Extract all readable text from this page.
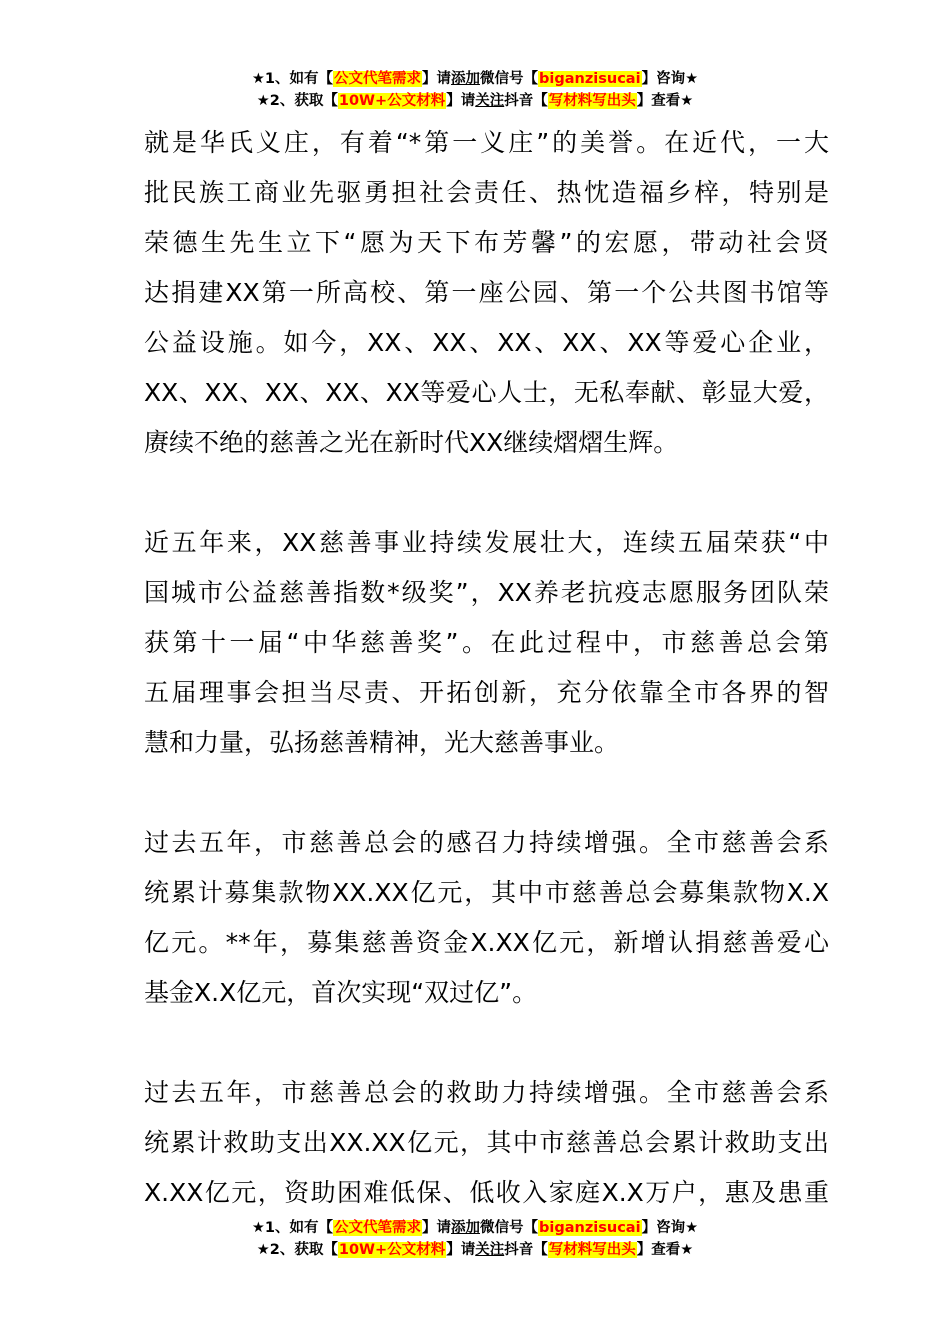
★1、如有【公文代笔需求】请添加微信号【biganzisucai】咨询★
★2、获取【10W+公文材料】请关注抖音【写材料写出头】查看★
就是华氏义庄，有着“*第一义庄”的美誉。在近代，一大
批民族工商业先驱勇担社会责任、热忱造福乡梓，特别是
荣德生先生立下“愿为天下布芳馨”的宏愿，带动社会贤
达捐建XX第一所高校、第一座公园、第一个公共图书馆等
公益设施。如今，XX、XX、XX、XX、XX等爱心企业，
XX、XX、XX、XX、XX等爱心人士，无私奉献、彰显大爱，
赓续不绝的慈善之光在新时代XX继续熠熠生辉。
近五年来，XX慈善事业持续发展壮大，连续五届荣获“中
国城市公益慈善指数*级奖”，XX养老抗疫志愿服务团队荣
获第十一届“中华慈善奖”。在此过程中，市慈善总会第
五届理事会担当尽责、开拓创新，充分依靠全市各界的智
慧和力量，弘扬慈善精神，光大慈善事业。
过去五年，市慈善总会的感召力持续增强。全市慈善会系
统累计募集款物XX.XX亿元，其中市慈善总会募集款物X.X
亿元。**年，募集慈善资金X.XX亿元，新增认捐慈善爱心
基金X.X亿元，首次实现“双过亿”。
过去五年，市慈善总会的救助力持续增强。全市慈善会系
统累计救助支出XX.XX亿元，其中市慈善总会累计救助支出
X.XX亿元，资助困难低保、低收入家庭X.X万户，惠及患重
★1、如有【公文代笔需求】请添加微信号【biganzisucai】咨询★
★2、获取【10W+公文材料】请关注抖音【写材料写出头】查看★
